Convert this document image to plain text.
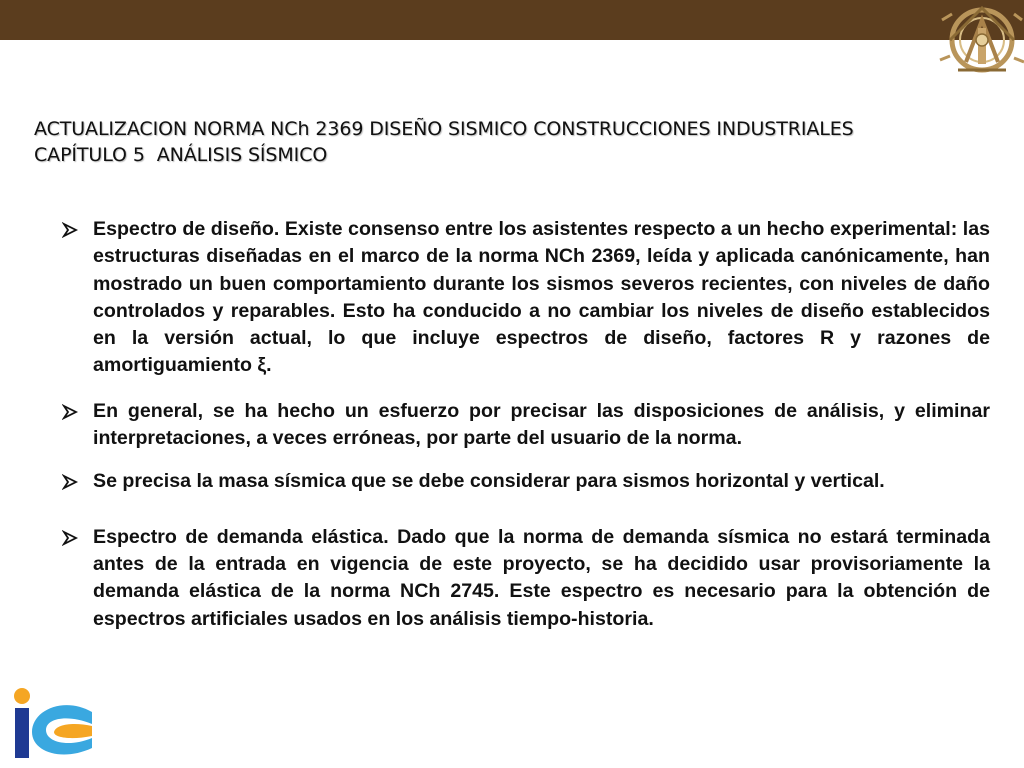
ACTUALIZACION NORMA NCh 2369 DISEÑO SISMICO CONSTRUCCIONES INDUSTRIALES
CAPÍTULO 5  ANÁLISIS SÍSMICO
Espectro de diseño. Existe consenso entre los asistentes respecto a un hecho experimental: las estructuras diseñadas en el marco de la norma NCh 2369, leída y aplicada canónicamente, han mostrado un buen comportamiento durante los sismos severos recientes, con niveles de daño controlados y reparables. Esto ha conducido a no cambiar los niveles de diseño establecidos en la versión actual, lo que incluye espectros de diseño, factores R y razones de amortiguamiento ξ.
En general, se ha hecho un esfuerzo por precisar las disposiciones de análisis, y eliminar interpretaciones, a veces erróneas, por parte del usuario de la norma.
Se precisa la masa sísmica que se debe considerar para sismos horizontal y vertical.
Espectro de demanda elástica. Dado que la norma de demanda sísmica no estará terminada antes de la entrada en vigencia de este proyecto, se ha decidido usar provisoriamente la demanda elástica de la norma NCh 2745. Este espectro es necesario para la obtención de espectros artificiales usados en los análisis tiempo-historia.
